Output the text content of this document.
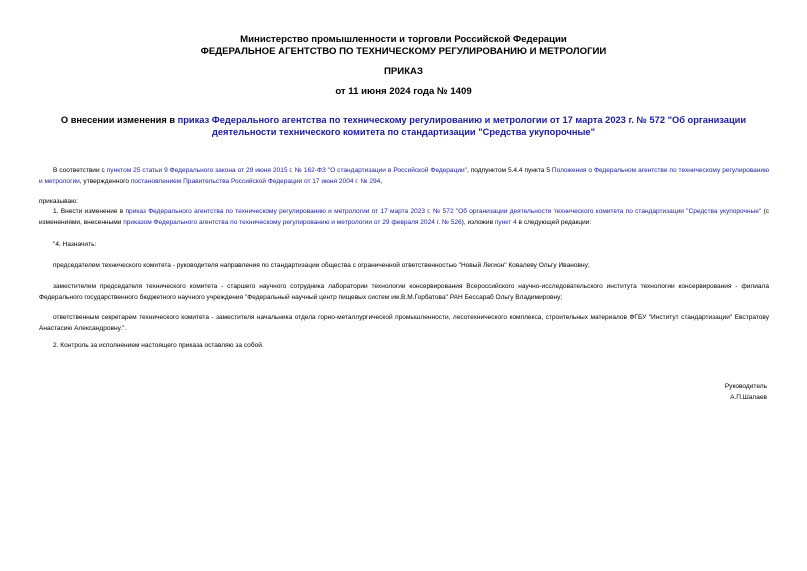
Министерство промышленности и торговли Российской Федерации
ФЕДЕРАЛЬНОЕ АГЕНТСТВО ПО ТЕХНИЧЕСКОМУ РЕГУЛИРОВАНИЮ И МЕТРОЛОГИИ
ПРИКАЗ
от 11 июня 2024 года № 1409
О внесении изменения в приказ Федерального агентства по техническому регулированию и метрологии от 17 марта 2023 г. № 572 "Об организации деятельности технического комитета по стандартизации "Средства укупорочные"
В соответствии с пунктом 25 статьи 9 Федерального закона от 29 июня 2015 г. № 162-ФЗ "О стандартизации в Российской Федерации", подпунктом 5.4.4 пункта 5 Положения о Федеральном агентстве по техническому регулированию и метрологии, утвержденного постановлением Правительства Российской Федерации от 17 июня 2004 г. № 294,
приказываю:
1. Внести изменение в приказ Федерального агентства по техническому регулированию и метрологии от 17 марта 2023 г. № 572 "Об организации деятельности технического комитета по стандартизации "Средства укупорочные" (с изменениями, внесенными приказом Федерального агентства по техническому регулированию и метрологии от 29 февраля 2024 г. № 526), изложив пункт 4 в следующей редакции:
"4. Назначить:
председателем технического комитета - руководителя направления по стандартизации общества с ограниченной ответственностью "Новый Легион" Ковалеву Ольгу Ивановну;
заместителем председателя технического комитета - старшего научного сотрудника лаборатории технологии консервирования Всероссийского научно-исследовательского института технологии консервирования - филиала Федерального государственного бюджетного научного учреждения "Федеральный научный центр пищевых систем им.В.М.Горбатова" РАН Бессараб Ольгу Владимировну;
ответственным секретарем технического комитета - заместителя начальника отдела горно-металлургической промышленности, лесотехнического комплекса, строительных материалов ФГБУ "Институт стандартизации" Евстратову Анастасию Александровну.".
2. Контроль за исполнением настоящего приказа оставляю за собой.
Руководитель
А.П.Шалаев
